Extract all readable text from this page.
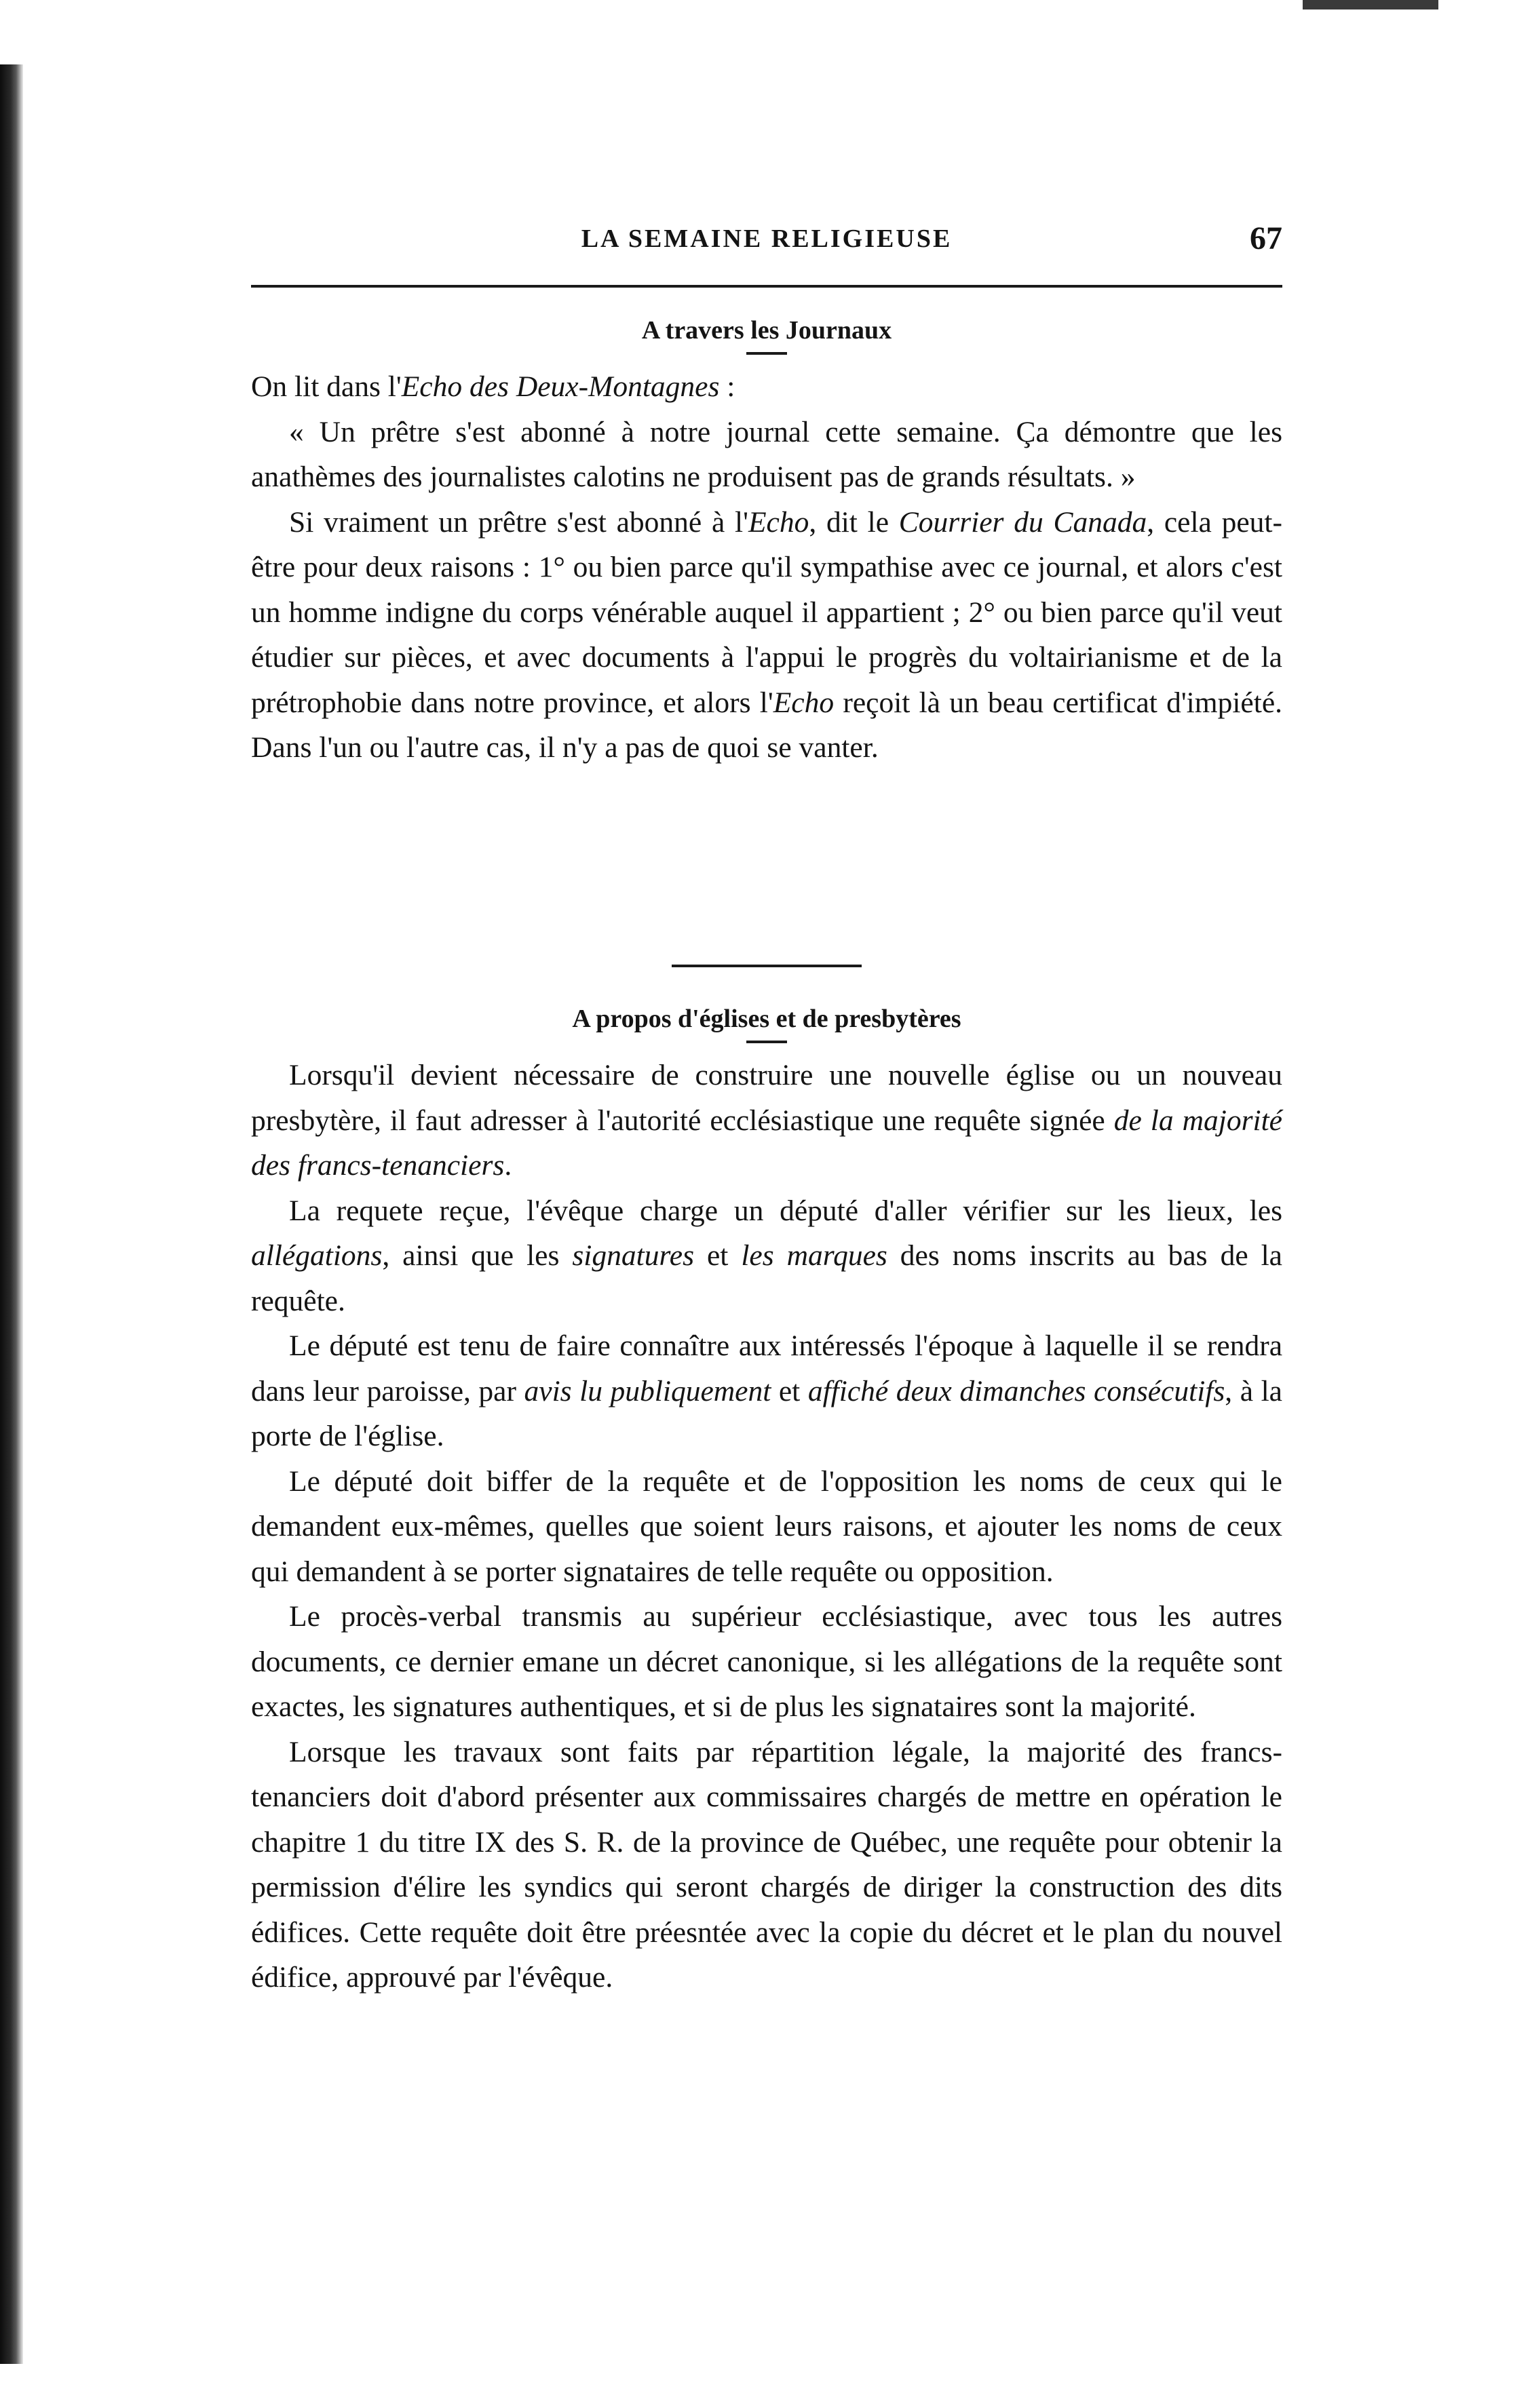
LA SEMAINE RELIGIEUSE	67
A travers les Journaux

On lit dans l'Echo des Deux-Montagnes :

« Un prêtre s'est abonné à notre journal cette semaine. Ça démontre que les anathèmes des journalistes calotins ne produisent pas de grands résultats. »

Si vraiment un prêtre s'est abonné à l'Echo, dit le Courrier du Canada, cela peut-être pour deux raisons : 1° ou bien parce qu'il sympathise avec ce journal, et alors c'est un homme indigne du corps vénérable auquel il appartient ; 2° ou bien parce qu'il veut étudier sur pièces, et avec documents à l'appui le progrès du voltairianisme et de la prétrophobie dans notre province, et alors l'Echo reçoit là un beau certificat d'impiété. Dans l'un ou l'autre cas, il n'y a pas de quoi se vanter.

A propos d'églises et de presbytères

Lorsqu'il devient nécessaire de construire une nouvelle église ou un nouveau presbytère, il faut adresser à l'autorité ecclésiastique une requête signée de la majorité des francs-tenanciers.

La requete reçue, l'évêque charge un député d'aller vérifier sur les lieux, les allégations, ainsi que les signatures et les marques des noms inscrits au bas de la requête.

Le député est tenu de faire connaître aux intéressés l'époque à laquelle il se rendra dans leur paroisse, par avis lu publiquement et affiché deux dimanches consécutifs, à la porte de l'église.

Le député doit biffer de la requête et de l'opposition les noms de ceux qui le demandent eux-mêmes, quelles que soient leurs raisons, et ajouter les noms de ceux qui demandent à se porter signataires de telle requête ou opposition.

Le procès-verbal transmis au supérieur ecclésiastique, avec tous les autres documents, ce dernier emane un décret canonique, si les allégations de la requête sont exactes, les signatures authentiques, et si de plus les signataires sont la majorité.

Lorsque les travaux sont faits par répartition légale, la majorité des francs-tenanciers doit d'abord présenter aux commissaires chargés de mettre en opération le chapitre 1 du titre IX des S. R. de la province de Québec, une requête pour obtenir la permission d'élire les syndics qui seront chargés de diriger la construction des dits édifices. Cette requête doit être préesntée avec la copie du décret et le plan du nouvel édifice, approuvé par l'évêque.
